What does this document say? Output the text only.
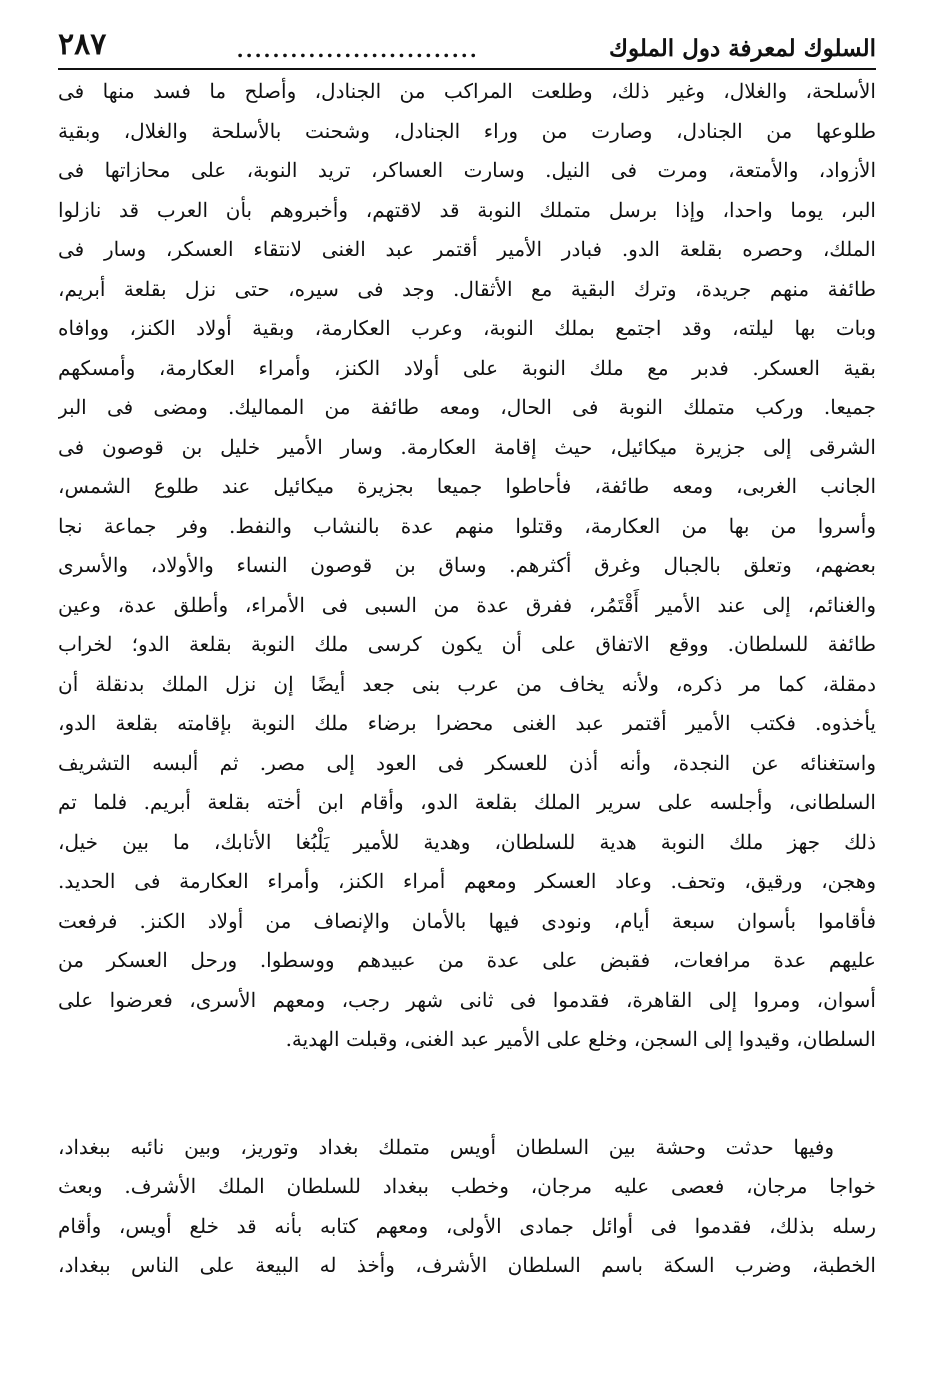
السلوك لمعرفة دول الملوك
...........................
٢٨٧
الأسلحة، والغلال، وغير ذلك، وطلعت المراكب من الجنادل، وأصلح ما فسد منها فى
طلوعها من الجنادل، وصارت من وراء الجنادل، وشحنت بالأسلحة والغلال، وبقية
الأزواد، والأمتعة، ومرت فى النيل. وسارت العساكر، تريد النوبة، على محازاتها فى
البر، يوما واحدا، وإذا برسل متملك النوبة قد لاقتهم، وأخبروهم بأن العرب قد نازلوا
الملك، وحصره بقلعة الدو. فبادر الأمير أقتمر عبد الغنى لانتقاء العسكر، وسار فى
طائفة منهم جريدة، وترك البقية مع الأثقال. وجد فى سيره، حتى نزل بقلعة أبريم،
وبات بها ليلته، وقد اجتمع بملك النوبة، وعرب العكارمة، وبقية أولاد الكنز، ووافاه
بقية العسكر. فدبر مع ملك النوبة على أولاد الكنز، وأمراء العكارمة، وأمسكهم
جميعا. وركب متملك النوبة فى الحال، ومعه طائفة من المماليك. ومضى فى البر
الشرقى إلى جزيرة ميكائيل، حيث إقامة العكارمة. وسار الأمير خليل بن قوصون فى
الجانب الغربى، ومعه طائفة، فأحاطوا جميعا بجزيرة ميكائيل عند طلوع الشمس،
وأسروا من بها من العكارمة، وقتلوا منهم عدة بالنشاب والنفط. وفر جماعة نجا
بعضهم، وتعلق بالجبال وغرق أكثرهم. وساق بن قوصون النساء والأولاد، والأسرى
والغنائم، إلى عند الأمير أَقْتَمُر، ففرق عدة من السبى فى الأمراء، وأطلق عدة، وعين
طائفة للسلطان. ووقع الاتفاق على أن يكون كرسى ملك النوبة بقلعة الدو؛ لخراب
دمقلة، كما مر ذكره، ولأنه يخاف من عرب بنى جعد أيضًا إن نزل الملك بدنقلة أن
يأخذوه. فكتب الأمير أقتمر عبد الغنى محضرا برضاء ملك النوبة بإقامته بقلعة الدو،
واستغنائه عن النجدة، وأنه أذن للعسكر فى العود إلى مصر. ثم ألبسه التشريف
السلطانى، وأجلسه على سرير الملك بقلعة الدو، وأقام ابن أخته بقلعة أبريم. فلما تم
ذلك جهز ملك النوبة هدية للسلطان، وهدية للأمير يَلْبُغا الأتابك، ما بين خيل،
وهجن، ورقيق، وتحف. وعاد العسكر ومعهم أمراء الكنز، وأمراء العكارمة فى الحديد.
فأقاموا بأسوان سبعة أيام، ونودى فيها بالأمان والإنصاف من أولاد الكنز. فرفعت
عليهم عدة مرافعات، فقبض على عدة من عبيدهم ووسطوا. ورحل العسكر من
أسوان، ومروا إلى القاهرة، فقدموا فى ثانى شهر رجب، ومعهم الأسرى، فعرضوا على
السلطان، وقيدوا إلى السجن، وخلع على الأمير عبد الغنى، وقبلت الهدية.
وفيها حدثت وحشة بين السلطان أويس متملك بغداد وتوريز، وبين نائبه ببغداد،
خواجا مرجان، فعصى عليه مرجان، وخطب ببغداد للسلطان الملك الأشرف. وبعث
رسله بذلك، فقدموا فى أوائل جمادى الأولى، ومعهم كتابه بأنه قد خلع أويس، وأقام
الخطبة، وضرب السكة باسم السلطان الأشرف، وأخذ له البيعة على الناس ببغداد،
